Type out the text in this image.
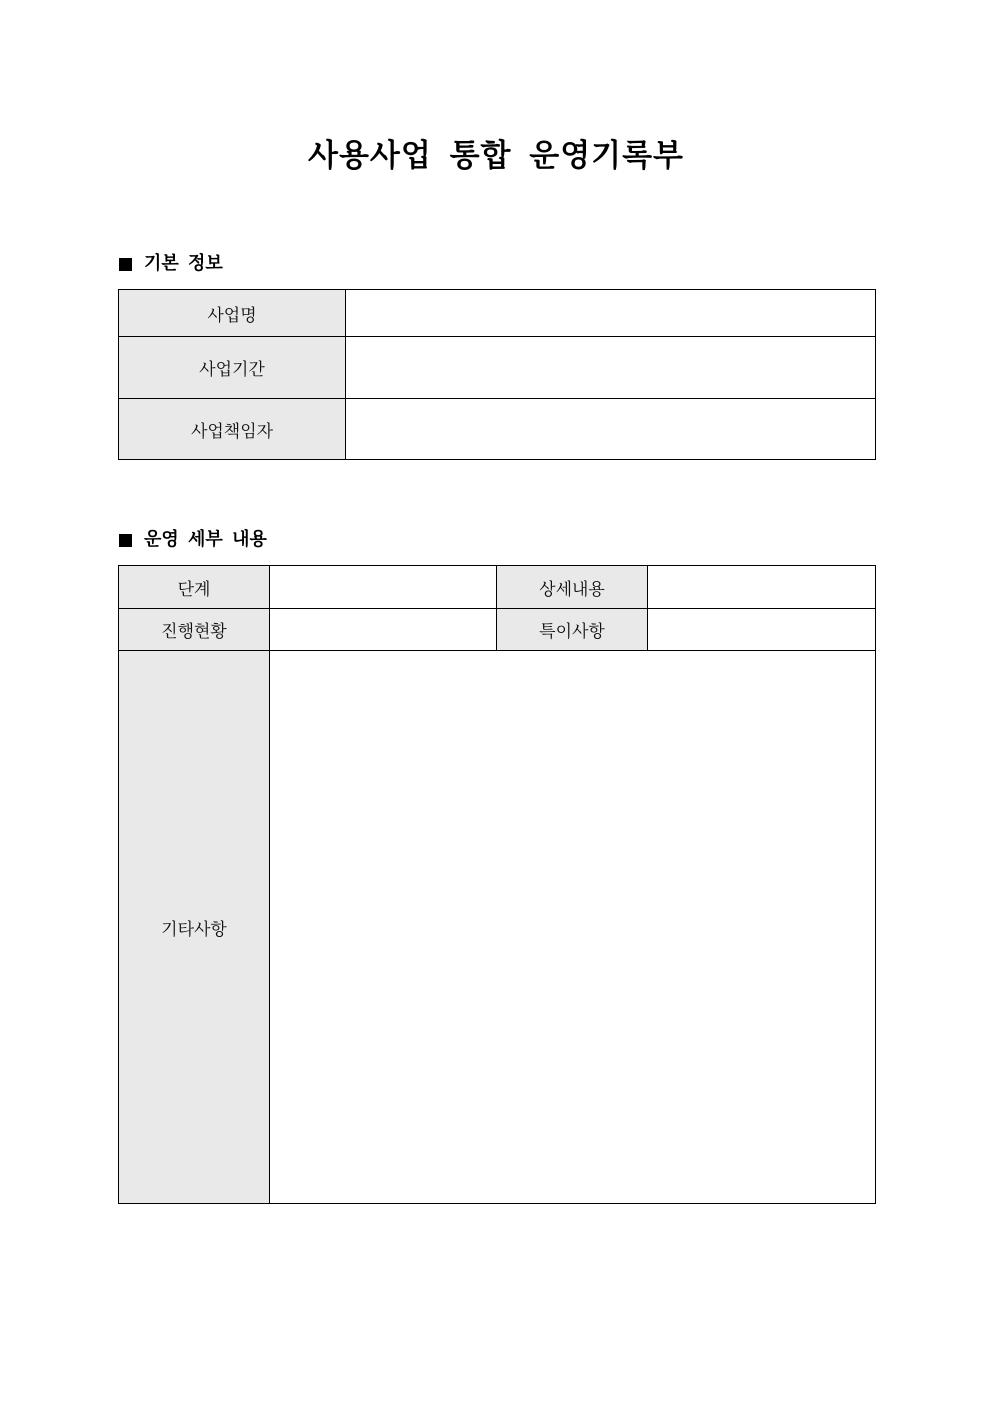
사용사업 통합 운영기록부
기본 정보
사업명	
사업기간	
사업책임자	
운영 세부 내용
단계		상세내용	
진행현황		특이사항	
기타사항			
